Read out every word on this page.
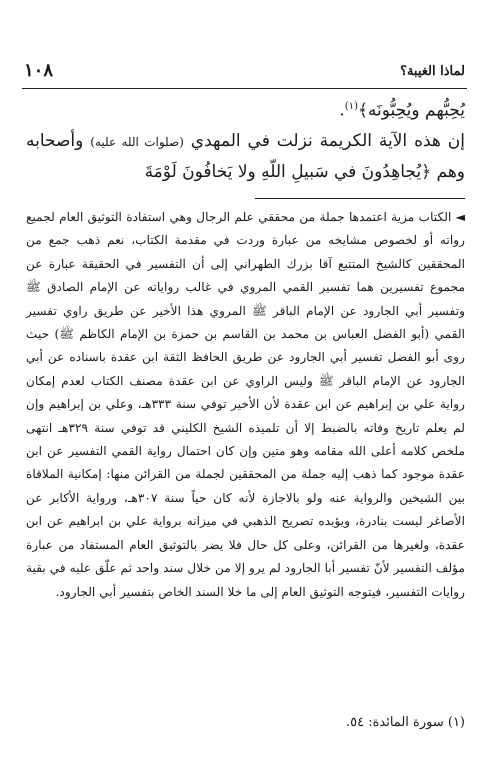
لماذا الغيبة؟
١٠٨

يُحِبُّهم ويُحِبُّونَه﴾$^{(١)}$.

إن هذه الآية الكريمة نزلت في المهدي (صلوات الله عليه) وأصحابه وهم ﴿يُجاهِدُونَ في سَبيلِ اللّهِ ولا يَخافُونَ لَوْمَةَ

◄ الكتاب مزية اعتمدها جملة من محققي علم الرجال وهي استفادة التوثيق العام لجميع رواته أو لخصوص مشايخه من عبارة وردت في مقدمة الكتاب، نعم ذهب جمع من المحققين كالشيخ المتتبع آقا بزرك الطهراني إلى أن التفسير في الحقيقة عبارة عن مجموع تفسيرين هما تفسير القمي المروي في غالب رواياته عن الإمام الصادق ﷺ وتفسير أبي الجارود عن الإمام الباقر ﷺ المروي هذا الأخير عن طريق راوي تفسير القمي (أبو الفضل العباس بن محمد بن القاسم بن حمزة بن الإمام الكاظم ﷺ) حيث روى أبو الفضل تفسير أبي الجارود عن طريق الحافظ الثقة ابن عقدة باسناده عن أبي الجارود عن الإمام الباقر ﷺ وليس الراوي عن ابن عقدة مصنف الكتاب لعدم إمكان رواية علي بن إبراهيم عن ابن عقدة لأن الأخير توفي سنة ٣٣٣هـ، وعلي بن إبراهيم وإن لم يعلم تاريخ وفاته بالضبط إلا أن تلميذه الشيخ الكليني قد توفي سنة ٣٢٩هـ انتهى ملخص كلامه أعلى الله مقامه وهو متين وإن كان احتمال رواية القمي التفسير عن ابن عقدة موجود كما ذهب إليه جملة من المحققين لجملة من القرائن منها: إمكانية الملاقاة بين الشيخين والرواية عنه ولو بالاجازة لأنه كان حياً سنة ٣٠٧هـ، ورواية الأكابر عن الأصاغر ليست بنادرة، ويؤيده تصريح الذهبي في ميزانه برواية علي بن ابراهيم عن ابن عقدة، ولغيرها من القرائن، وعلى كل حال فلا يضر بالتوثيق العام المستفاد من عبارة مؤلف التفسير لأنّ تفسير أبا الجارود لم يرو إلا من خلال سند واحد ثم علّق عليه في بقية روايات التفسير، فيتوجه التوثيق العام إلى ما خلا السند الخاص بتفسير أبي الجارود.

(١) سورة المائدة: ٥٤.
